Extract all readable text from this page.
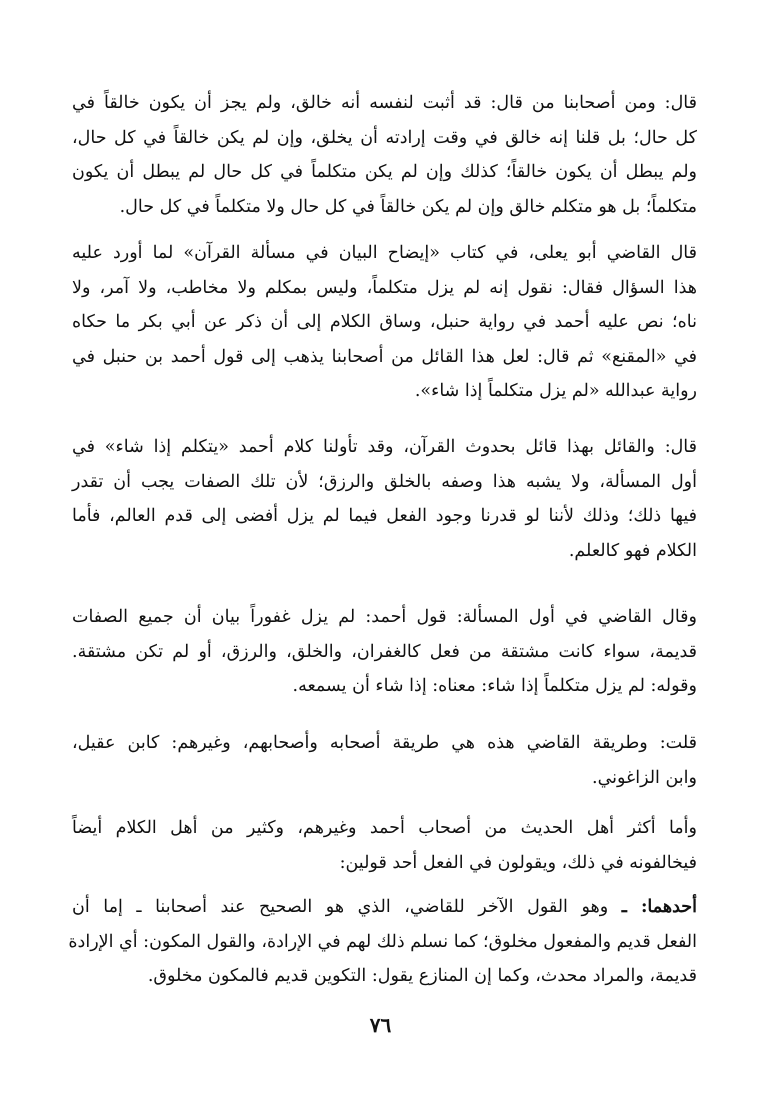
قال: ومن أصحابنا من قال: قد أثبت لنفسه أنه خالق، ولم يجز أن يكون خالقاً في
كل حال؛ بل قلنا إنه خالق في وقت إرادته أن يخلق، وإن لم يكن خالقاً في كل حال،
ولم يبطل أن يكون خالقاً؛ كذلك وإن لم يكن متكلماً في كل حال لم يبطل أن يكون
متكلماً؛ بل هو متكلم خالق وإن لم يكن خالقاً في كل حال ولا متكلماً في كل حال.
قال القاضي أبو يعلى، في كتاب «إيضاح البيان في مسألة القرآن» لما أورد عليه
هذا السؤال فقال: نقول إنه لم يزل متكلماً، وليس بمكلم ولا مخاطب، ولا آمر، ولا
ناه؛ نص عليه أحمد في رواية حنبل، وساق الكلام إلى أن ذكر عن أبي بكر ما حكاه
في «المقنع» ثم قال: لعل هذا القائل من أصحابنا يذهب إلى قول أحمد بن حنبل في
رواية عبدالله «لم يزل متكلماً إذا شاء».
قال: والقائل بهذا قائل بحدوث القرآن، وقد تأولنا كلام أحمد «يتكلم إذا شاء» في
أول المسألة، ولا يشبه هذا وصفه بالخلق والرزق؛ لأن تلك الصفات يجب أن تقدر
فيها ذلك؛ وذلك لأننا لو قدرنا وجود الفعل فيما لم يزل أفضى إلى قدم العالم، فأما
الكلام فهو كالعلم.
وقال القاضي في أول المسألة: قول أحمد: لم يزل غفوراً بيان أن جميع الصفات
قديمة، سواء كانت مشتقة من فعل كالغفران، والخلق، والرزق، أو لم تكن مشتقة.
وقوله: لم يزل متكلماً إذا شاء: معناه: إذا شاء أن يسمعه.
قلت: وطريقة القاضي هذه هي طريقة أصحابه وأصحابهم، وغيرهم: كابن عقيل،
وابن الزاغوني.
وأما أكثر أهل الحديث من أصحاب أحمد وغيرهم، وكثير من أهل الكلام أيضاً
فيخالفونه في ذلك، ويقولون في الفعل أحد قولين:
أحدهما: ـ وهو القول الآخر للقاضي، الذي هو الصحيح عند أصحابنا ـ إما أن
الفعل قديم والمفعول مخلوق؛ كما نسلم ذلك لهم في الإرادة، والقول المكون: أي الإرادة
قديمة، والمراد محدث، وكما إن المنازع يقول: التكوين قديم فالمكون مخلوق.
٧٦
